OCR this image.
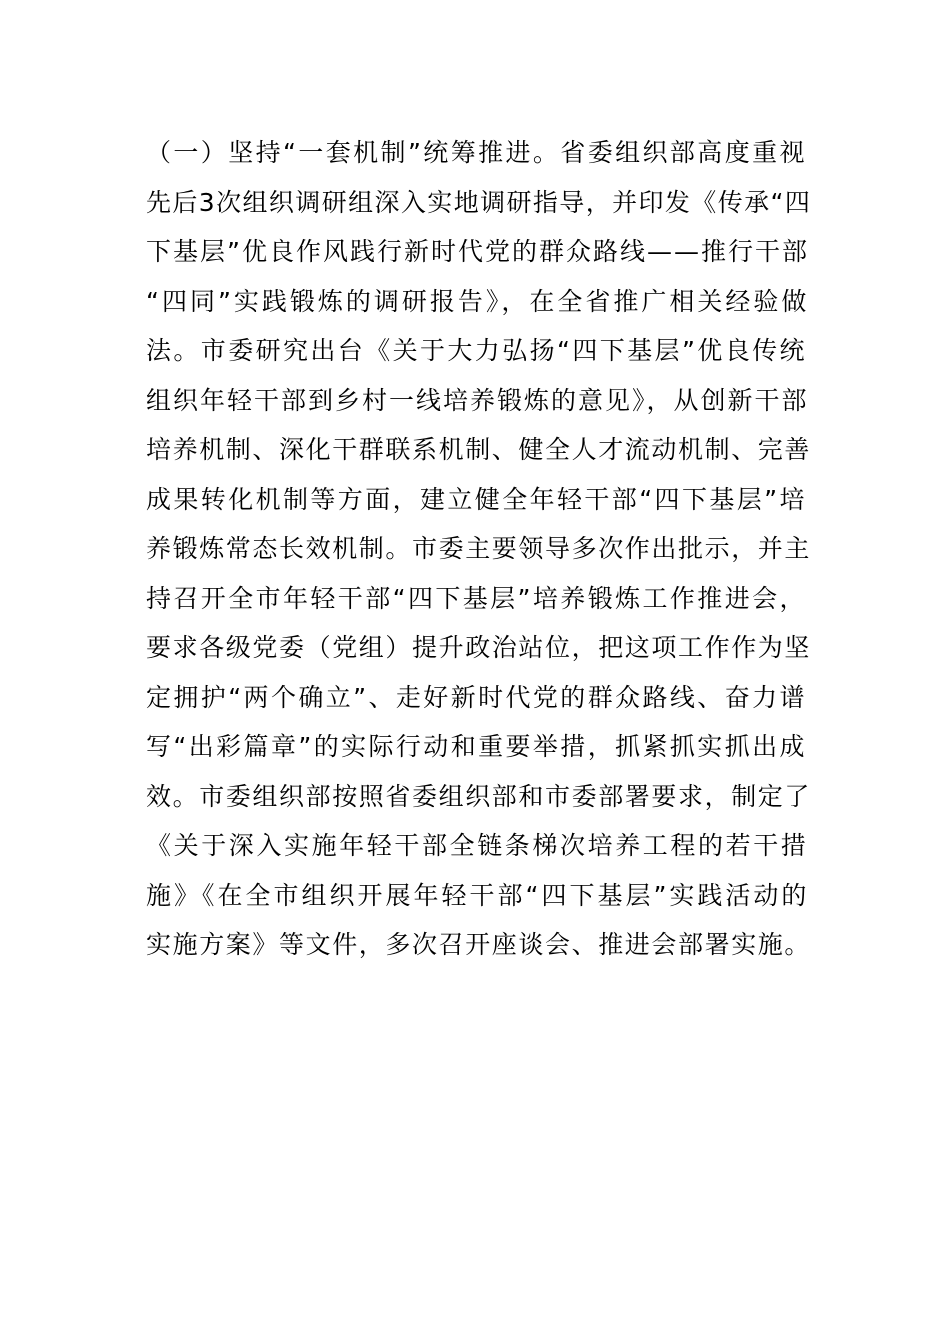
（一）坚持“一套机制”统筹推进。省委组织部高度重视
先后3次组织调研组深入实地调研指导，并印发《传承“四
下基层”优良作风践行新时代党的群众路线——推行干部
“四同”实践锻炼的调研报告》，在全省推广相关经验做
法。市委研究出台《关于大力弘扬“四下基层”优良传统
组织年轻干部到乡村一线培养锻炼的意见》，从创新干部
培养机制、深化干群联系机制、健全人才流动机制、完善
成果转化机制等方面，建立健全年轻干部“四下基层”培
养锻炼常态长效机制。市委主要领导多次作出批示，并主
持召开全市年轻干部“四下基层”培养锻炼工作推进会，
要求各级党委（党组）提升政治站位，把这项工作作为坚
定拥护“两个确立”、走好新时代党的群众路线、奋力谱
写“出彩篇章”的实际行动和重要举措，抓紧抓实抓出成
效。市委组织部按照省委组织部和市委部署要求，制定了
《关于深入实施年轻干部全链条梯次培养工程的若干措
施》《在全市组织开展年轻干部“四下基层”实践活动的
实施方案》等文件，多次召开座谈会、推进会部署实施。
